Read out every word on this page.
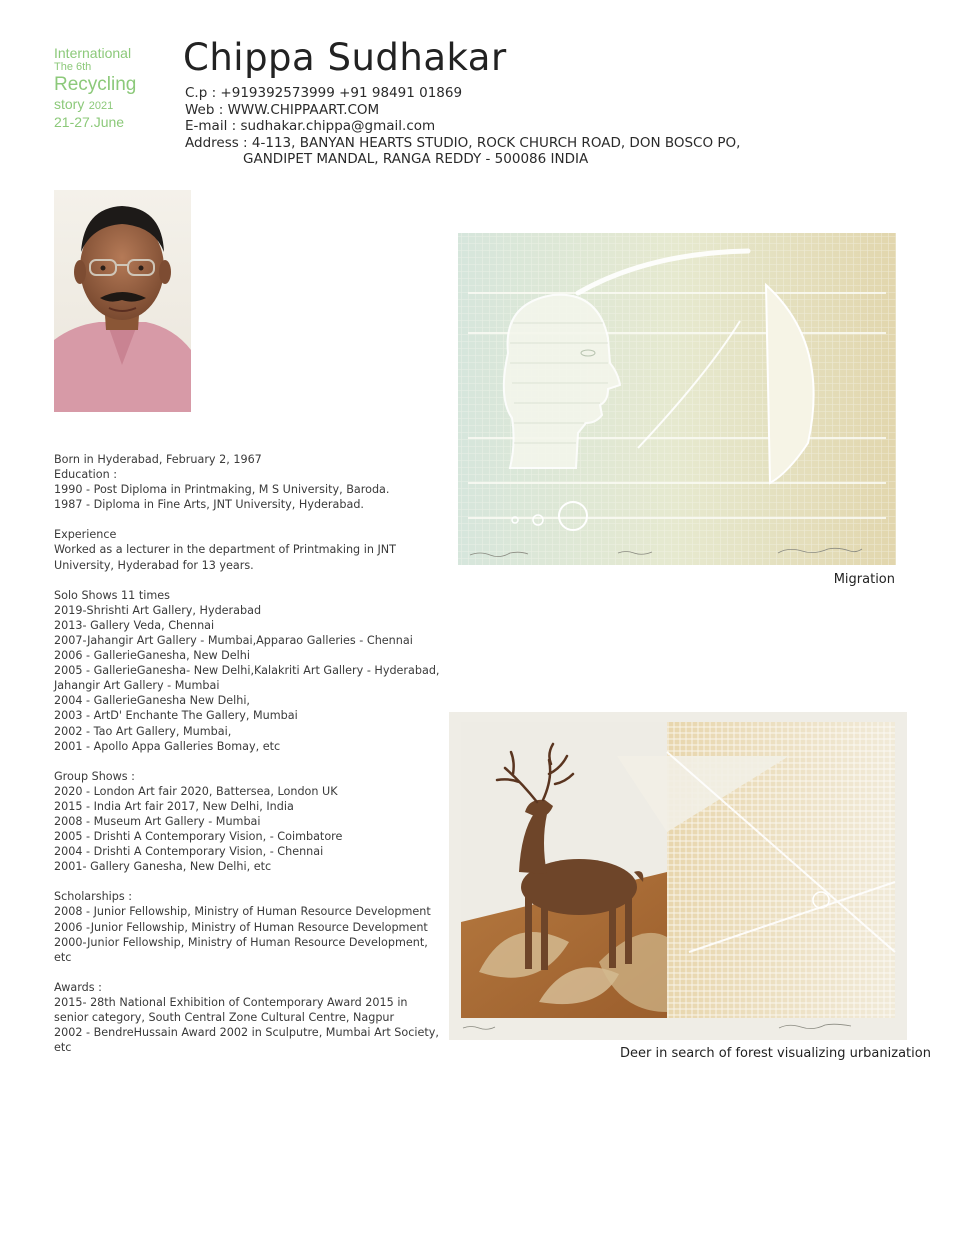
International
The 6th
Recycling
story 2021
21-27.June
Chippa Sudhakar
C.p : +919392573999 +91 98491 01869
Web : WWW.CHIPPAART.COM
E-mail : sudhakar.chippa@gmail.com
Address : 4-113, BANYAN HEARTS STUDIO, ROCK CHURCH ROAD, DON BOSCO PO,
GANDIPET MANDAL, RANGA REDDY - 500086 INDIA
Born in Hyderabad, February 2, 1967
Education :
1990 - Post Diploma in Printmaking, M S University, Baroda.
1987 - Diploma in Fine Arts, JNT University, Hyderabad.
Experience
Worked as a lecturer in the department of Printmaking in JNT
University, Hyderabad for 13 years.
Solo Shows 11 times
2019-Shrishti Art Gallery, Hyderabad
2013- Gallery Veda, Chennai
2007-Jahangir Art Gallery - Mumbai,Apparao Galleries - Chennai
2006 - GallerieGanesha, New Delhi
2005 - GallerieGanesha- New Delhi,Kalakriti Art Gallery - Hyderabad,
Jahangir Art Gallery - Mumbai
2004 - GallerieGanesha New Delhi,
2003 - ArtD' Enchante The Gallery, Mumbai
2002 - Tao Art Gallery, Mumbai,
2001 - Apollo Appa Galleries Bomay, etc
Group Shows :
2020 - London Art fair 2020, Battersea, London UK
2015 - India Art fair 2017, New Delhi, India
2008 - Museum Art Gallery - Mumbai
2005 - Drishti A Contemporary Vision, - Coimbatore
2004 - Drishti A Contemporary Vision, - Chennai
2001- Gallery Ganesha, New Delhi, etc
Scholarships :
2008 - Junior Fellowship, Ministry of Human Resource Development
2006 -Junior Fellowship, Ministry of Human Resource Development
2000-Junior Fellowship, Ministry of Human Resource Development,
etc
Awards :
2015- 28th National Exhibition of Contemporary Award 2015 in
senior category, South Central Zone Cultural Centre, Nagpur
2002 - BendreHussain Award 2002 in Sculputre, Mumbai Art Society,
etc
Migration
Deer in search of forest visualizing urbanization
